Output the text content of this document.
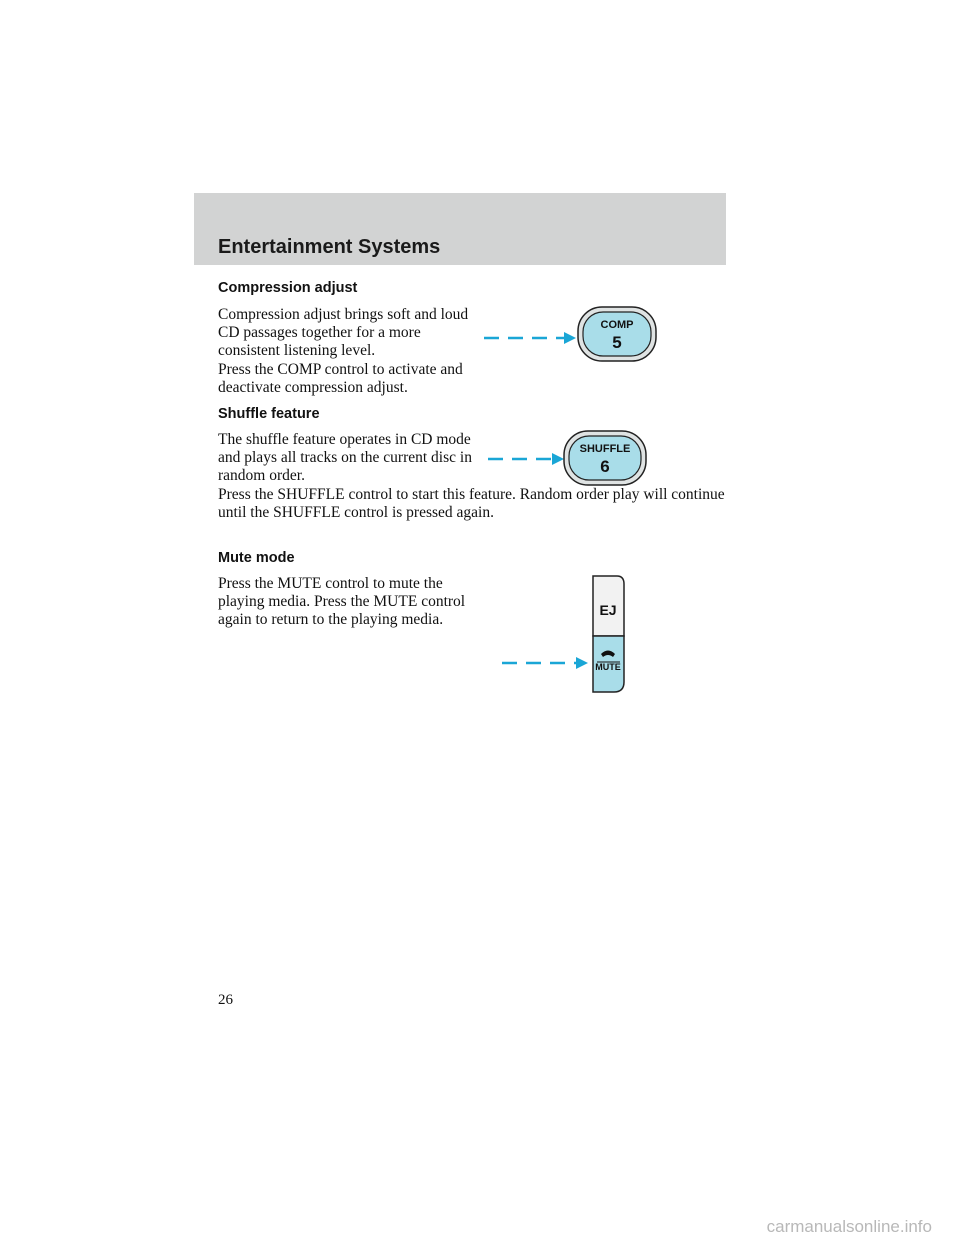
Entertainment Systems
Compression adjust

Compression adjust brings soft and loud CD passages together for a more consistent listening level.

Press the COMP control to activate and deactivate compression adjust.

COMP
5
Shuffle feature

The shuffle feature operates in CD mode and plays all tracks on the current disc in random order.

Press the SHUFFLE control to start this feature. Random order play will continue until the SHUFFLE control is pressed again.

SHUFFLE
6
Mute mode

Press the MUTE control to mute the playing media. Press the MUTE control again to return to the playing media.

EJ
MUTE
26
carmanualsonline.info
